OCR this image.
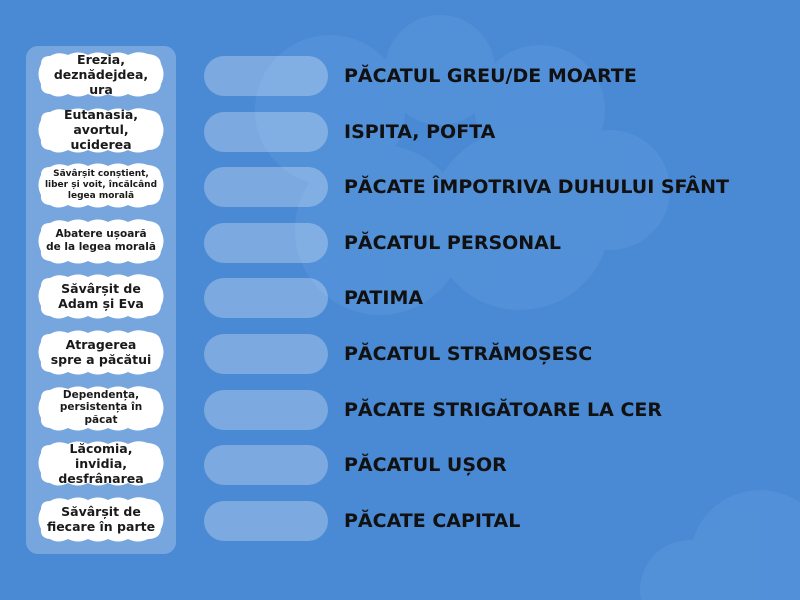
Erezia,
deznădejdea, ura
Eutanasia,
avortul, uciderea
Săvârșit conștient,
liber și voit, încălcând
legea morală
Abatere ușoară
de la legea morală
Săvârșit de
Adam și Eva
Atragerea
spre a păcătui
Dependența,
persistența în păcat
Lăcomia, invidia,
desfrânarea
Săvârșit de
fiecare în parte
PĂCATUL GREU/DE MOARTE
ISPITA, POFTA
PĂCATE ÎMPOTRIVA DUHULUI SFÂNT
PĂCATUL PERSONAL
PATIMA
PĂCATUL STRĂMOȘESC
PĂCATE STRIGĂTOARE LA CER
PĂCATUL UȘOR
PĂCATE CAPITAL
